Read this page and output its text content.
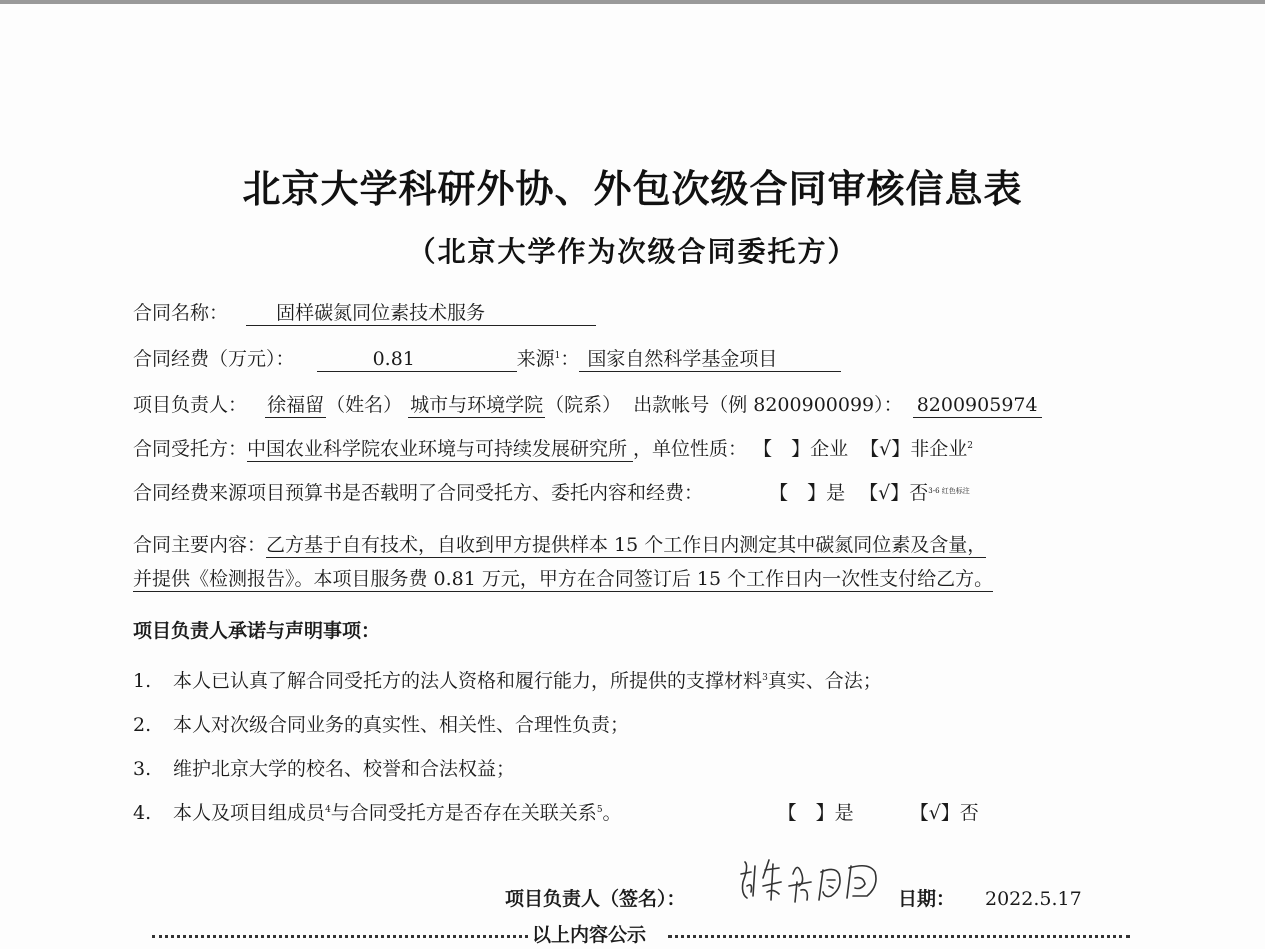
北京大学科研外协、外包次级合同审核信息表
（北京大学作为次级合同委托方）
合同名称：	固样碳氮同位素技术服务
合同经费（万元）：	0.81	来源$^1$： 国家自然科学基金项目
项目负责人： 徐福留 （姓名） 城市与环境学院 （院系） 出款帐号（例 8200900099）： 8200905974
合同受托方：中国农业科学院农业环境与可持续发展研究所 ，单位性质： 【　】企业 【√】非企业$^2$
合同经费来源项目预算书是否载明了合同受托方、委托内容和经费：	【　】是 【√】否$^{3-6 红色标注}$
合同主要内容：乙方基于自有技术，自收到甲方提供样本 15 个工作日内测定其中碳氮同位素及含量，
并提供《检测报告》。本项目服务费 0.81 万元，甲方在合同签订后 15 个工作日内一次性支付给乙方。
项目负责人承诺与声明事项：
1. 本人已认真了解合同受托方的法人资格和履行能力，所提供的支撑材料$^3$真实、合法；
2. 本人对次级合同业务的真实性、相关性、合理性负责；
3. 维护北京大学的校名、校誉和合法权益；
4. 本人及项目组成员$^4$与合同受托方是否存在关联关系$^5$。	【　】是	【√】否
项目负责人（签名）：	日期： 2022.5.17
以上内容公示
